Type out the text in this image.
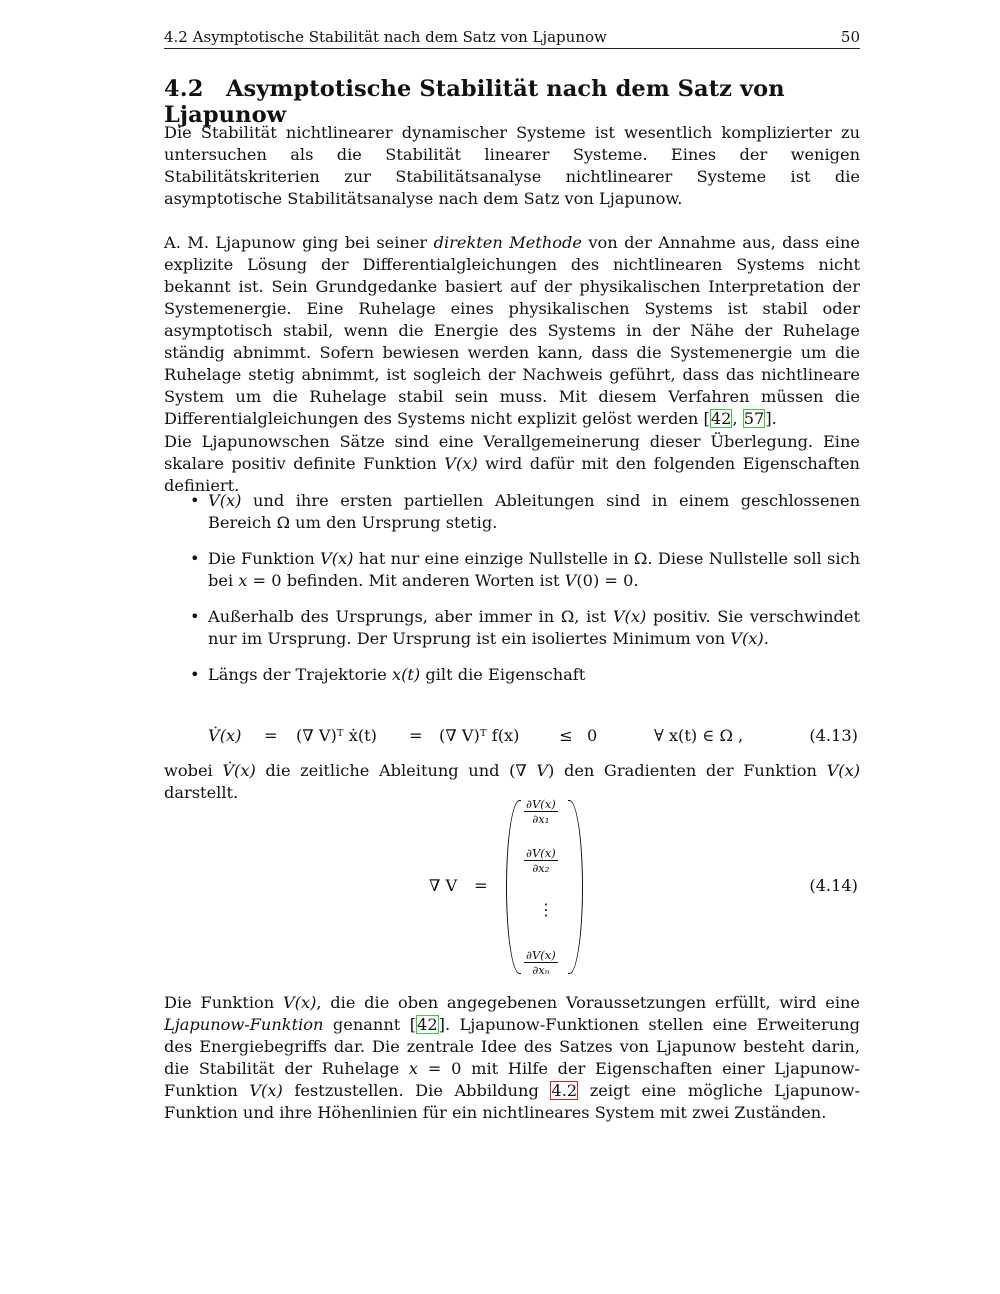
4.2 Asymptotische Stabilität nach dem Satz von Ljapunow	50
4.2 Asymptotische Stabilität nach dem Satz von Ljapunow

Die Stabilität nichtlinearer dynamischer Systeme ist wesentlich komplizierter zu untersuchen als die Stabilität linearer Systeme. Eines der wenigen Stabilitätskriterien zur Stabilitätsanalyse nichtlinearer Systeme ist die asymptotische Stabilitätsanalyse nach dem Satz von Ljapunow.

A. M. Ljapunow ging bei seiner direkten Methode von der Annahme aus, dass eine explizite Lösung der Differentialgleichungen des nichtlinearen Systems nicht bekannt ist. Sein Grundgedanke basiert auf der physikalischen Interpretation der Systemenergie. Eine Ruhelage eines physikalischen Systems ist stabil oder asymptotisch stabil, wenn die Energie des Systems in der Nähe der Ruhelage ständig abnimmt. Sofern bewiesen werden kann, dass die Systemenergie um die Ruhelage stetig abnimmt, ist sogleich der Nachweis geführt, dass das nichtlineare System um die Ruhelage stabil sein muss. Mit diesem Verfahren müssen die Differentialgleichungen des Systems nicht explizit gelöst werden [42, 57].

Die Ljapunowschen Sätze sind eine Verallgemeinerung dieser Überlegung. Eine skalare positiv definite Funktion V(x) wird dafür mit den folgenden Eigenschaften definiert.

• V(x) und ihre ersten partiellen Ableitungen sind in einem geschlossenen Bereich Ω um den Ursprung stetig.
• Die Funktion V(x) hat nur eine einzige Nullstelle in Ω. Diese Nullstelle soll sich bei x = 0 befinden. Mit anderen Worten ist V(0) = 0.
• Außerhalb des Ursprungs, aber immer in Ω, ist V(x) positiv. Sie verschwindet nur im Ursprung. Der Ursprung ist ein isoliertes Minimum von V(x).
• Längs der Trajektorie x(t) gilt die Eigenschaft
V̇(x) = (∇ V)ᵀ ẋ(t) = (∇ V)ᵀ f(x) ≤ 0	∀ x(t) ∈ Ω ,	(4.13)

wobei V̇(x) die zeitliche Ableitung und (∇ V) den Gradienten der Funktion V(x) darstellt.

∇ V =
$\frac{\partial V(x)}{\text{∂x₁}}$
$\frac{\partial V(x)}{\text{∂x₂}}$
⋮
$\frac{\partial V(x)}{\text{∂xₙ}}$
(4.14)

Die Funktion V(x), die die oben angegebenen Voraussetzungen erfüllt, wird eine Ljapunow-Funktion genannt [42]. Ljapunow-Funktionen stellen eine Erweiterung des Energiebegriffs dar. Die zentrale Idee des Satzes von Ljapunow besteht darin, die Stabilität der Ruhelage x = 0 mit Hilfe der Eigenschaften einer Ljapunow-Funktion V(x) festzustellen. Die Abbildung 4.2 zeigt eine mögliche Ljapunow-Funktion und ihre Höhenlinien für ein nichtlineares System mit zwei Zuständen.
